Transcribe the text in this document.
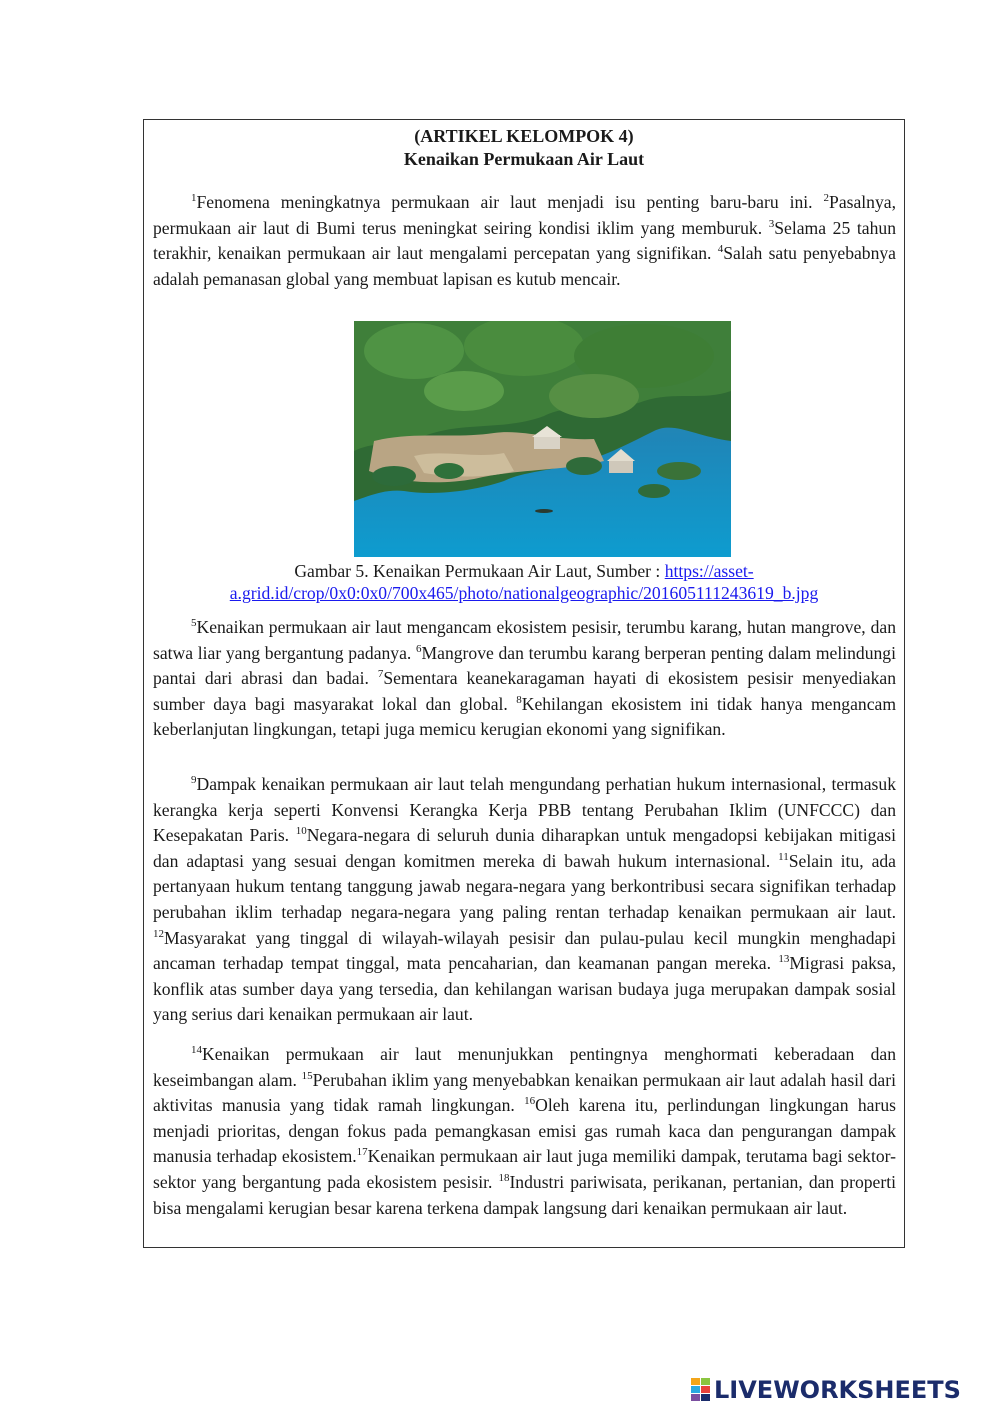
(ARTIKEL KELOMPOK 4)
Kenaikan Permukaan Air Laut

$^1$Fenomena meningkatnya permukaan air laut menjadi isu penting baru-baru ini. $^2$Pasalnya, permukaan air laut di Bumi terus meningkat seiring kondisi iklim yang memburuk. $^3$Selama 25 tahun terakhir, kenaikan permukaan air laut mengalami percepatan yang signifikan. $^4$Salah satu penyebabnya adalah pemanasan global yang membuat lapisan es kutub mencair.

Gambar 5. Kenaikan Permukaan Air Laut, Sumber : https://asset-a.grid.id/crop/0x0:0x0/700x465/photo/nationalgeographic/201605111243619_b.jpg

$^5$Kenaikan permukaan air laut mengancam ekosistem pesisir, terumbu karang, hutan mangrove, dan satwa liar yang bergantung padanya. $^6$Mangrove dan terumbu karang berperan penting dalam melindungi pantai dari abrasi dan badai. $^7$Sementara keanekaragaman hayati di ekosistem pesisir menyediakan sumber daya bagi masyarakat lokal dan global. $^8$Kehilangan ekosistem ini tidak hanya mengancam keberlanjutan lingkungan, tetapi juga memicu kerugian ekonomi yang signifikan.

$^9$Dampak kenaikan permukaan air laut telah mengundang perhatian hukum internasional, termasuk kerangka kerja seperti Konvensi Kerangka Kerja PBB tentang Perubahan Iklim (UNFCCC) dan Kesepakatan Paris. $^{10}$Negara-negara di seluruh dunia diharapkan untuk mengadopsi kebijakan mitigasi dan adaptasi yang sesuai dengan komitmen mereka di bawah hukum internasional. $^{11}$Selain itu, ada pertanyaan hukum tentang tanggung jawab negara-negara yang berkontribusi secara signifikan terhadap perubahan iklim terhadap negara-negara yang paling rentan terhadap kenaikan permukaan air laut. $^{12}$Masyarakat yang tinggal di wilayah-wilayah pesisir dan pulau-pulau kecil mungkin menghadapi ancaman terhadap tempat tinggal, mata pencaharian, dan keamanan pangan mereka. $^{13}$Migrasi paksa, konflik atas sumber daya yang tersedia, dan kehilangan warisan budaya juga merupakan dampak sosial yang serius dari kenaikan permukaan air laut.

$^{14}$Kenaikan permukaan air laut menunjukkan pentingnya menghormati keberadaan dan keseimbangan alam. $^{15}$Perubahan iklim yang menyebabkan kenaikan permukaan air laut adalah hasil dari aktivitas manusia yang tidak ramah lingkungan. $^{16}$Oleh karena itu, perlindungan lingkungan harus menjadi prioritas, dengan fokus pada pemangkasan emisi gas rumah kaca dan pengurangan dampak manusia terhadap ekosistem.$^{17}$Kenaikan permukaan air laut juga memiliki dampak, terutama bagi sektor-sektor yang bergantung pada ekosistem pesisir. $^{18}$Industri pariwisata, perikanan, pertanian, dan properti bisa mengalami kerugian besar karena terkena dampak langsung dari kenaikan permukaan air laut.

LIVEWORKSHEETS
